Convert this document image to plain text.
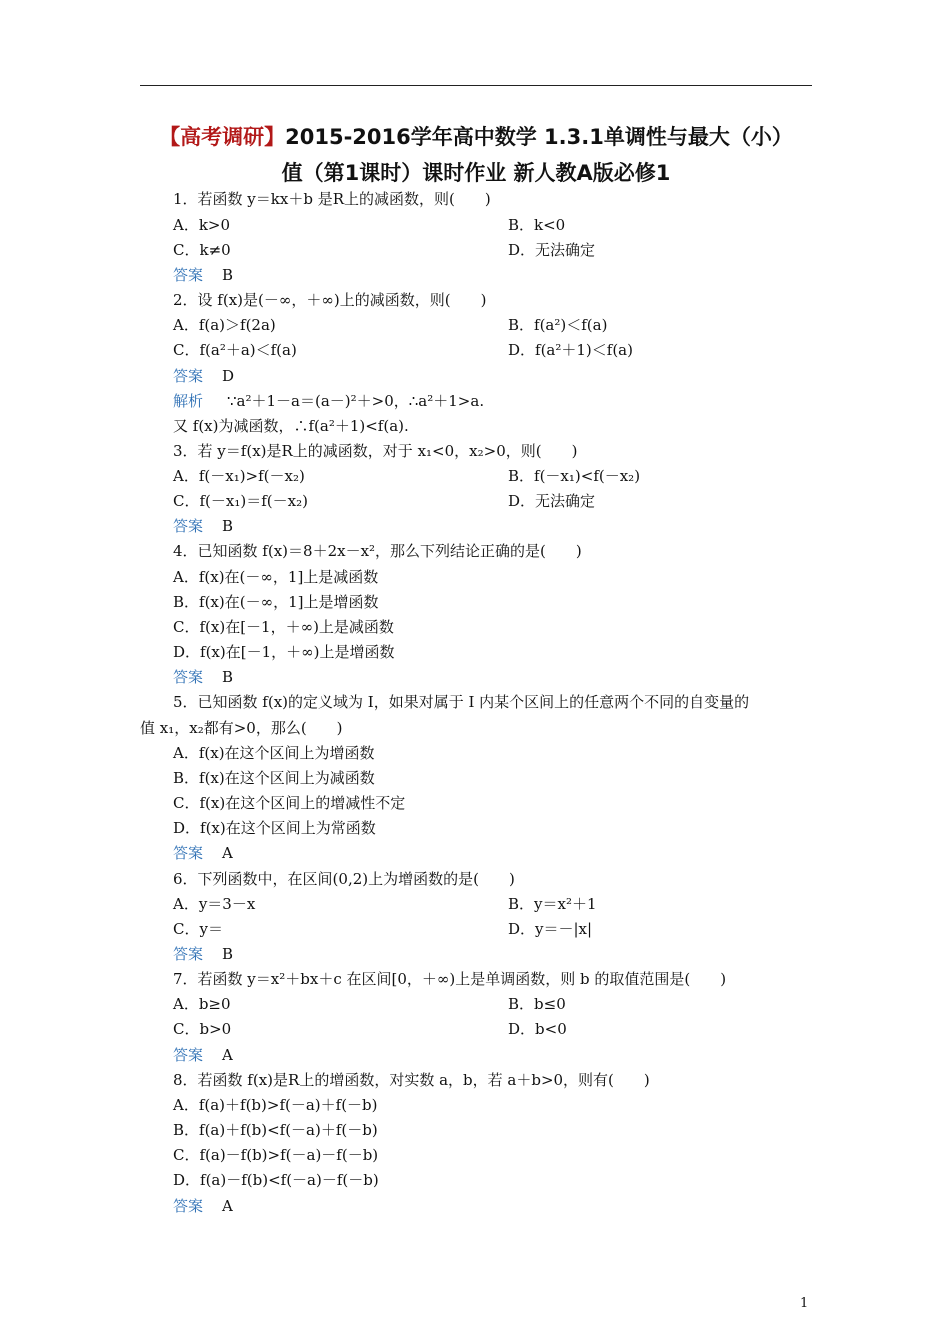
【高考调研】2015-2016学年高中数学 1.3.1单调性与最大（小）
值（第1课时）课时作业 新人教A版必修1
1．若函数 y＝kx＋b 是R上的减函数，则(　　)
A．k>0	B．k<0
C．k≠0	D．无法确定
答案 B
2．设 f(x)是(－∞，＋∞)上的减函数，则(　　)
A．f(a)＞f(2a)	B．f(a²)＜f(a)
C．f(a²＋a)＜f(a)	D．f(a²＋1)＜f(a)
答案 D
解析 ∵a²＋1－a＝(a－)²＋>0，∴a²＋1>a.
又 f(x)为减函数，∴f(a²＋1)<f(a).
3．若 y＝f(x)是R上的减函数，对于 x₁<0，x₂>0，则(　　)
A．f(－x₁)>f(－x₂)	B．f(－x₁)<f(－x₂)
C．f(－x₁)＝f(－x₂)	D．无法确定
答案 B
4．已知函数 f(x)＝8＋2x－x²，那么下列结论正确的是(　　)
A．f(x)在(－∞，1]上是减函数
B．f(x)在(－∞，1]上是增函数
C．f(x)在[－1，＋∞)上是减函数
D．f(x)在[－1，＋∞)上是增函数
答案 B
5．已知函数 f(x)的定义域为 I，如果对属于 I 内某个区间上的任意两个不同的自变量的
值 x₁，x₂都有>0，那么(　　)
A．f(x)在这个区间上为增函数
B．f(x)在这个区间上为减函数
C．f(x)在这个区间上的增减性不定
D．f(x)在这个区间上为常函数
答案 A
6．下列函数中，在区间(0,2)上为增函数的是(　　)
A．y＝3－x	B．y＝x²＋1
C．y＝	D．y＝－|x|
答案 B
7．若函数 y＝x²＋bx＋c 在区间[0，＋∞)上是单调函数，则 b 的取值范围是(　　)
A．b≥0	B．b≤0
C．b>0	D．b<0
答案 A
8．若函数 f(x)是R上的增函数，对实数 a，b，若 a＋b>0，则有(　　)
A．f(a)＋f(b)>f(－a)＋f(－b)
B．f(a)＋f(b)<f(－a)＋f(－b)
C．f(a)－f(b)>f(－a)－f(－b)
D．f(a)－f(b)<f(－a)－f(－b)
答案 A
1
